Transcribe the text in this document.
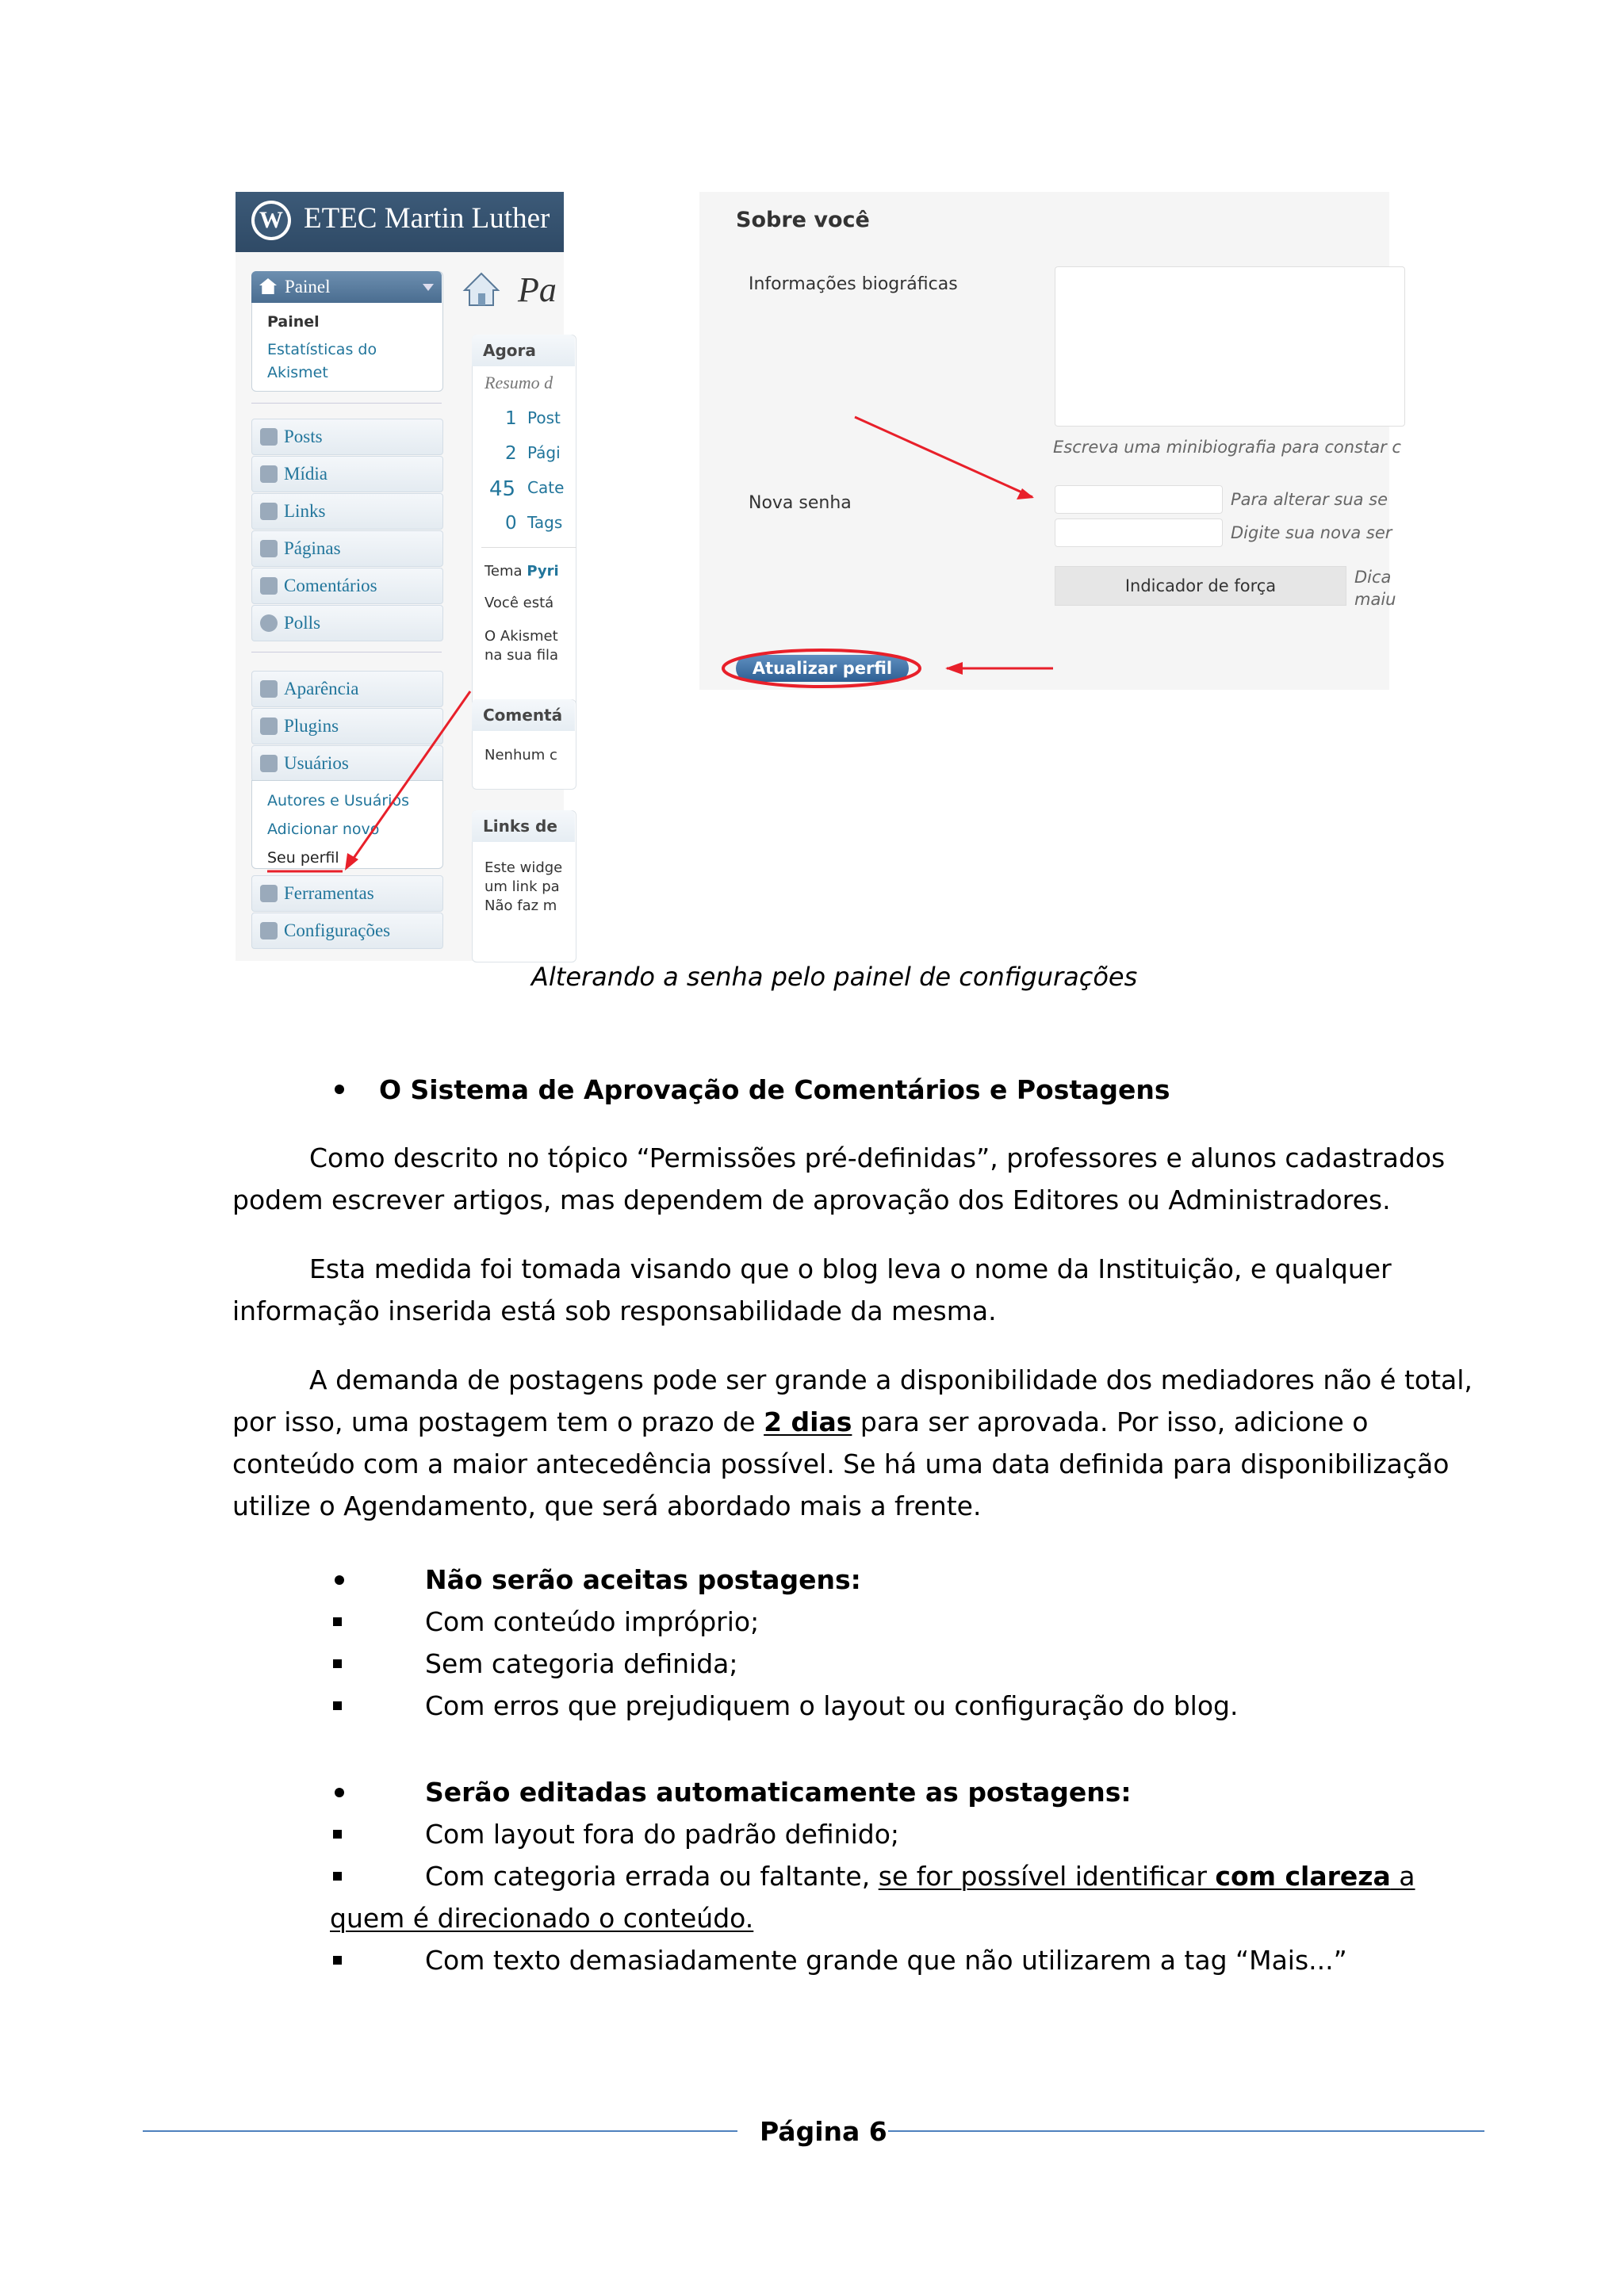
W ETEC Martin Luther
Painel
Painel
Estatísticas do
Akismet
Posts
Mídia
Links
Páginas
Comentários
Polls
Aparência
Plugins
Usuários
Autores e Usuários
Adicionar novo
Seu perfil
Ferramentas
Configurações
Pa
Agora
Resumo d
1 Post
2 Pági
45 Cate
0 Tags
Tema Pyri
Você está
O Akismet
na sua fila
Comentá
Nenhum c
Links de
Este widge
um link pa
Não faz m
Sobre você
Informações biográficas
Escreva uma minibiografia para constar c
Nova senha	Para alterar sua se
Digite sua nova ser
Indicador de força	Dica
maiu
Atualizar perfil
Alterando a senha pelo painel de configurações
O Sistema de Aprovação de Comentários e Postagens
Como descrito no tópico “Permissões pré-definidas”, professores e alunos cadastrados
podem escrever artigos, mas dependem de aprovação dos Editores ou Administradores.
Esta medida foi tomada visando que o blog leva o nome da Instituição, e qualquer
informação inserida está sob responsabilidade da mesma.
A demanda de postagens pode ser grande a disponibilidade dos mediadores não é total,
por isso, uma postagem tem o prazo de 2 dias para ser aprovada. Por isso, adicione o
conteúdo com a maior antecedência possível. Se há uma data definida para disponibilização
utilize o Agendamento, que será abordado mais a frente.
Não serão aceitas postagens:
Com conteúdo impróprio;
Sem categoria definida;
Com erros que prejudiquem o layout ou configuração do blog.
Serão editadas automaticamente as postagens:
Com layout fora do padrão definido;
Com categoria errada ou faltante, se for possível identificar com clareza a
quem é direcionado o conteúdo.
Com texto demasiadamente grande que não utilizarem a tag “Mais...”
Página 6
